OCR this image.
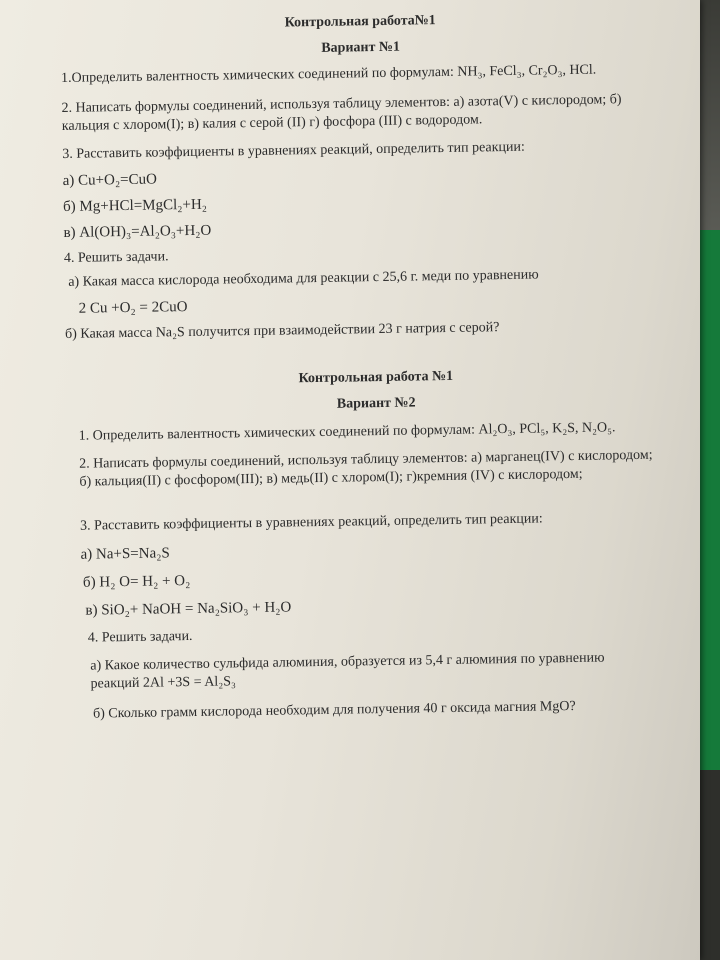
Контрольная работа№1
Вариант №1
1.Определить валентность химических соединений по формулам: NH₃, FeCl₃, Cr₂O₃, HCl.
2. Написать формулы соединений, используя таблицу элементов: а) азота(V) с кислородом; б) кальция с хлором(I); в) калия с серой (II) г) фосфора (III) с водородом.
3. Расставить коэффициенты в уравнениях реакций, определить тип реакции:
а) Cu+O₂=CuO
б) Mg+HCl=MgCl₂+H₂
в) Al(OH)₃=Al₂O₃+H₂O
4. Решить задачи.
а) Какая масса кислорода необходима для реакции с 25,6 г. меди по уравнению
2 Cu +O₂ = 2CuO
б) Какая масса Na₂S получится при взаимодействии 23 г натрия с серой?
Контрольная работа №1
Вариант №2
1. Определить валентность химических соединений по формулам: Al₂O₃, PCl₅, K₂S, N₂O₅.
2. Написать формулы соединений, используя таблицу элементов: а) марганец(IV) с кислородом; б) кальция(II) с фосфором(III); в) медь(II) с хлором(I); г)кремния (IV) с кислородом;
3. Расставить коэффициенты в уравнениях реакций, определить тип реакции:
а) Na+S=Na₂S
б) H₂ O= H₂ + O₂
в) SiO₂+ NaOH = Na₂SiO₃ + H₂O
4. Решить задачи.
а) Какое количество сульфида алюминия, образуется из 5,4 г алюминия по уравнению реакций 2Al +3S = Al₂S₃
б) Сколько грамм кислорода необходим для получения 40 г оксида магния MgO?
